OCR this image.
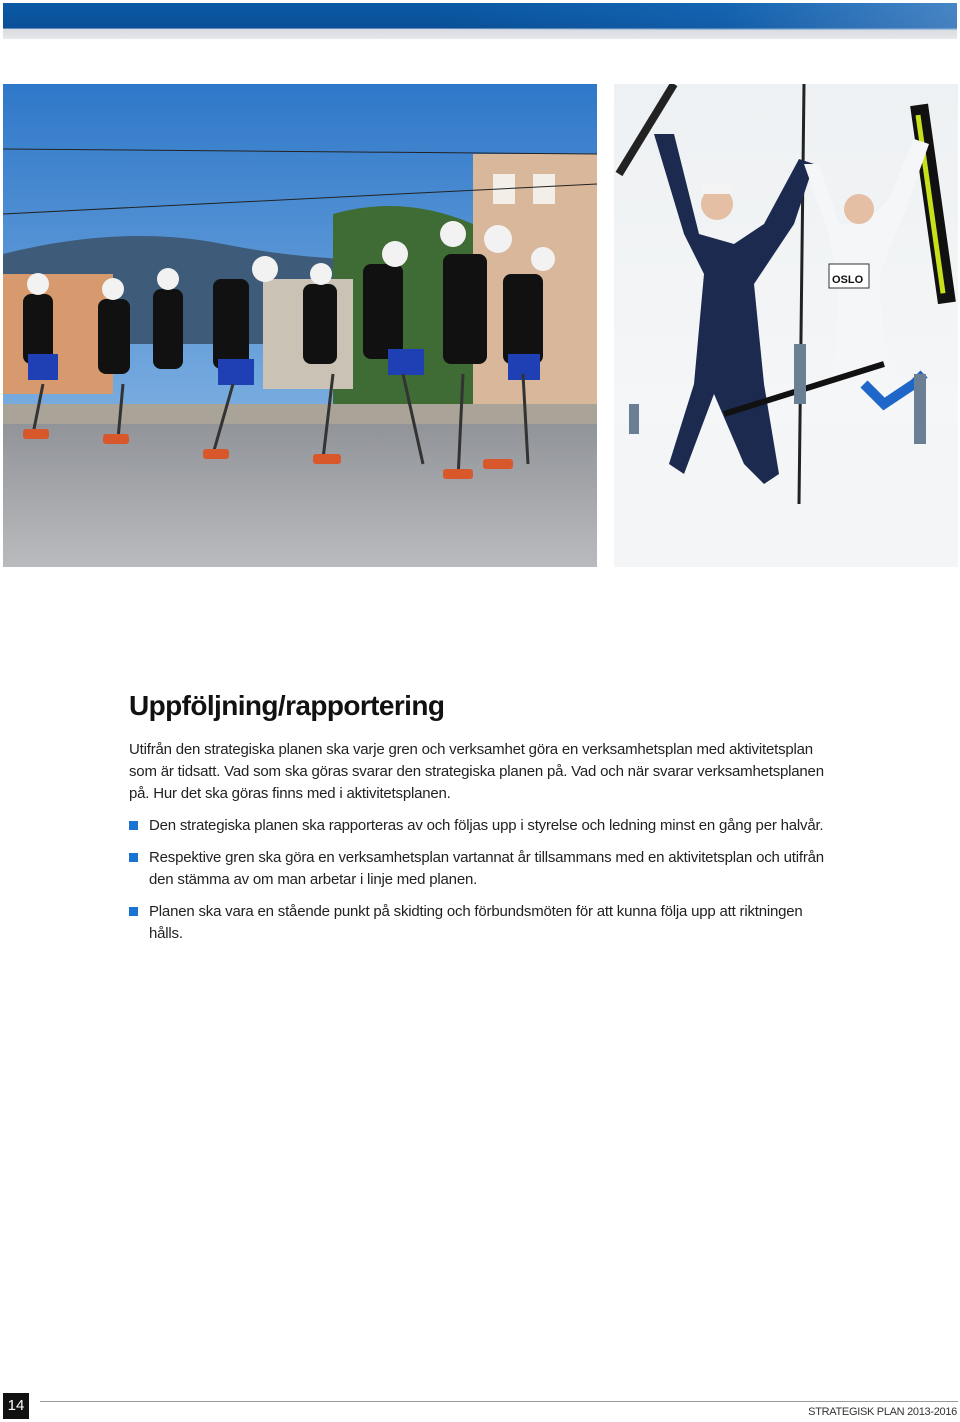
OSLO
Uppföljning/rapportering

Utifrån den strategiska planen ska varje gren och verksamhet göra en verksamhetsplan med aktivitetsplan som är tidsatt. Vad som ska göras svarar den strategiska planen på. Vad och när svarar verksamhetsplanen på. Hur det ska göras finns med i aktivitetsplanen.

Den strategiska planen ska rapporteras av och följas upp i styrelse och ledning minst en gång per halvår.
Respektive gren ska göra en verksamhetsplan vartannat år tillsammans med en aktivitetsplan och utifrån den stämma av om man arbetar i linje med planen.
Planen ska vara en stående punkt på skidting och förbundsmöten för att kunna följa upp att riktningen hålls.
14	STRATEGISK PLAN 2013-2016
